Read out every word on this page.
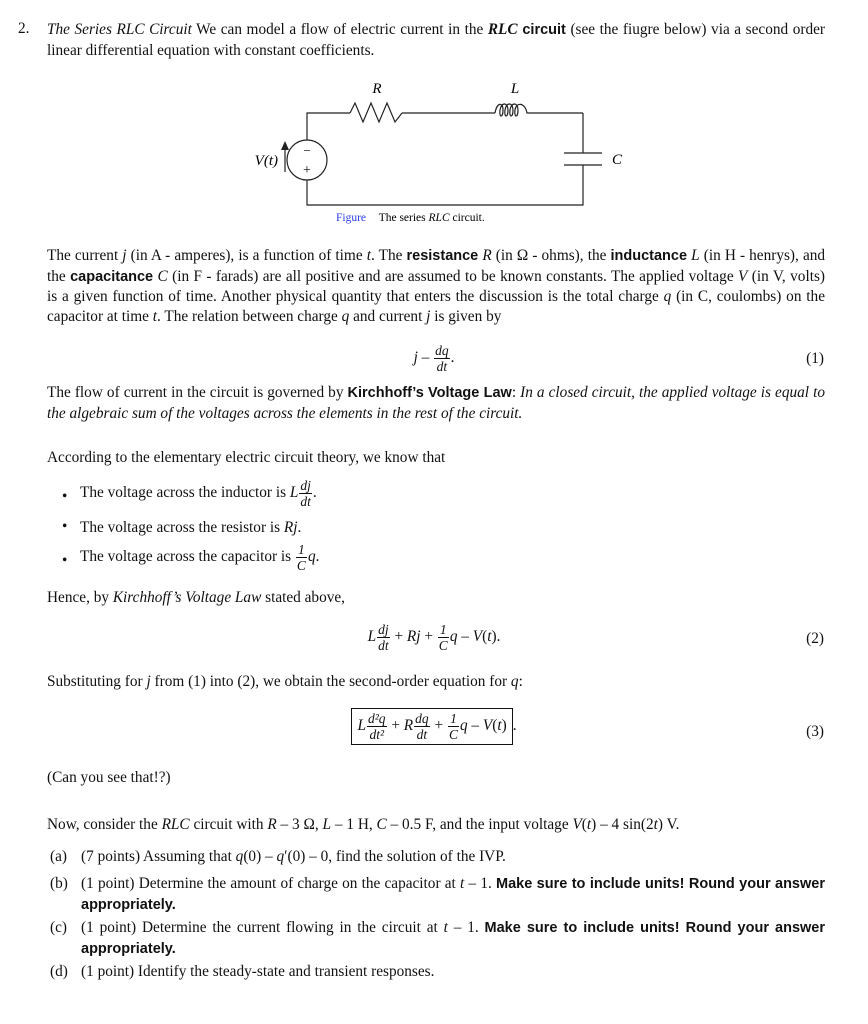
2. The Series RLC Circuit We can model a flow of electric current in the RLC circuit (see the fiugre below) via a second order linear differential equation with constant coefficients.
R	L
C
V(t)
−
+
Figure The series RLC circuit.
The current j (in A - amperes), is a function of time t. The resistance R (in Ω - ohms), the inductance L (in H - henrys), and the capacitance C (in F - farads) are all positive and are assumed to be known constants. The applied voltage V (in V, volts) is a given function of time. Another physical quantity that enters the discussion is the total charge q (in C, coulombs) on the capacitor at time t. The relation between charge q and current j is given by
j – $\frac{dq}{dt}$ .	(1)
The flow of current in the circuit is governed by Kirchhoff’s Voltage Law: In a closed circuit, the applied voltage is equal to the algebraic sum of the voltages across the elements in the rest of the circuit.
According to the elementary electric circuit theory, we know that
• The voltage across the inductor is L $\frac{dj}{dt}$ .
• The voltage across the resistor is Rj.
• The voltage across the capacitor is $\frac{1}{C} q$.
Hence, by Kirchhoff’s Voltage Law stated above,
L $\frac{dj}{dt} + Rj + \frac{1}{C}$ q – V(t).	(2)
Substituting for j from (1) into (2), we obtain the second-order equation for q:
L $\frac{\text{d²q}}{\text{dt²}} + R \frac{dq}{dt} + \frac{1}{C}$ q – V(t) .	(3)
(Can you see that!?)
Now, consider the RLC circuit with R – 3 Ω, L – 1 H, C – 0.5 F, and the input voltage V(t) – 4 sin(2t) V.
(a) (7 points) Assuming that q(0) – q′(0) – 0, find the solution of the IVP.
(b) (1 point) Determine the amount of charge on the capacitor at t – 1. Make sure to include units! Round your answer appropriately.
(c) (1 point) Determine the current flowing in the circuit at t – 1. Make sure to include units! Round your answer appropriately.
(d) (1 point) Identify the steady-state and transient responses.
